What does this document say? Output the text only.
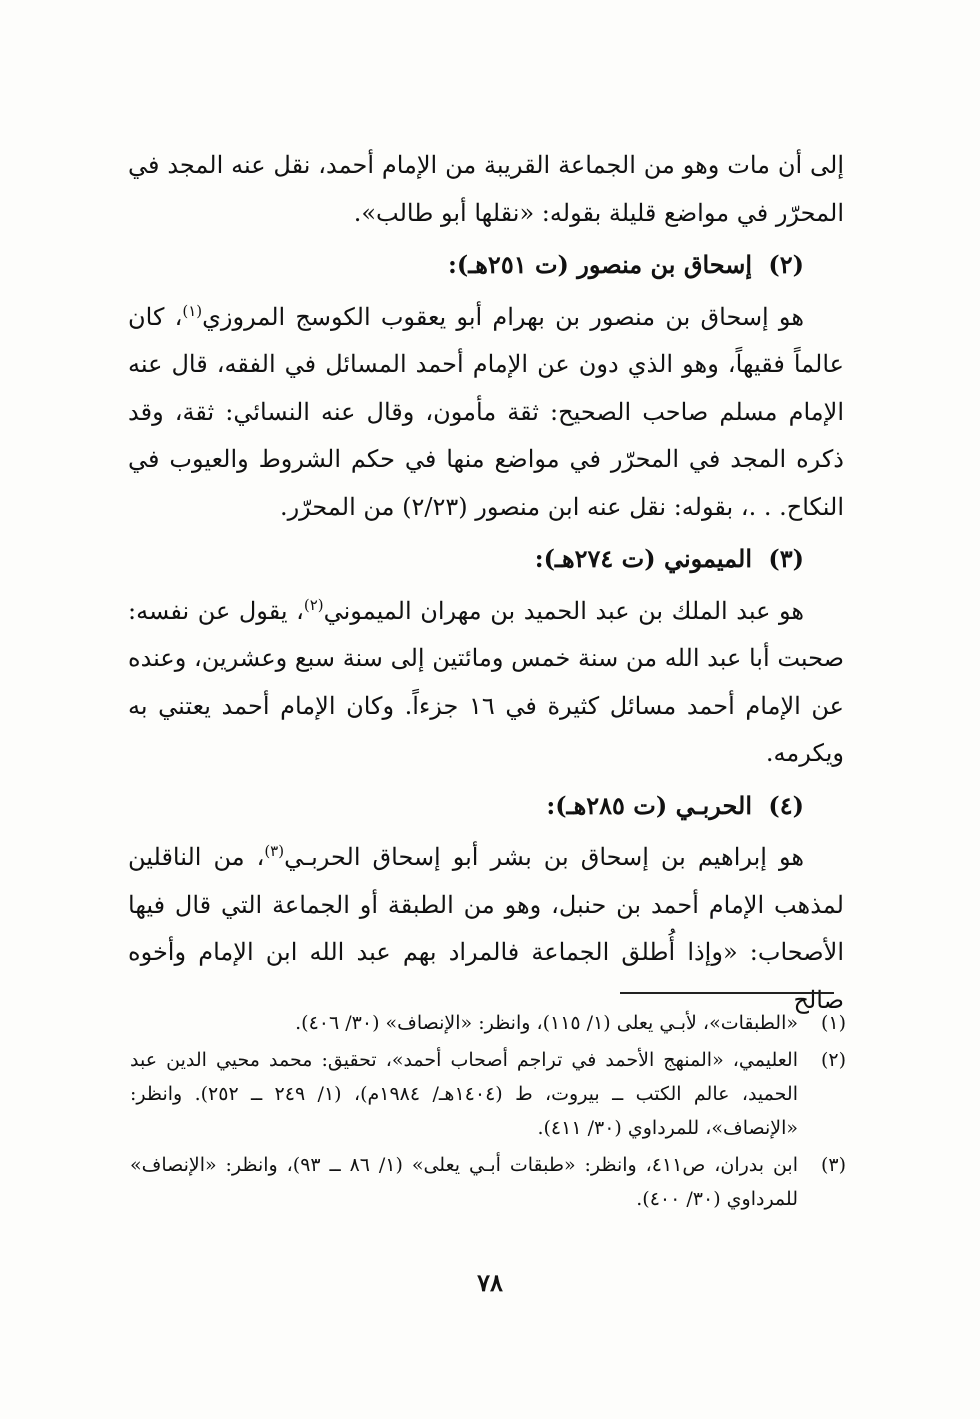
إلى أن مات وهو من الجماعة القريبة من الإمام أحمد، نقل عنه المجد في المحرّر في مواضع قليلة بقوله: «نقلها أبو طالب».

(٢) إسحاق بن منصور (ت ٢٥١هـ):

هو إسحاق بن منصور بن بهرام أبو يعقوب الكوسج المروزي$^{(١)}$، كان عالماً فقيهاً، وهو الذي دون عن الإمام أحمد المسائل في الفقه، قال عنه الإمام مسلم صاحب الصحيح: ثقة مأمون، وقال عنه النسائي: ثقة، وقد ذكره المجد في المحرّر في مواضع منها في حكم الشروط والعيوب في النكاح. . .، بقوله: نقل عنه ابن منصور (٢/٢٣) من المحرّر.

(٣) الميموني (ت ٢٧٤هـ):

هو عبد الملك بن عبد الحميد بن مهران الميموني$^{(٢)}$، يقول عن نفسه: صحبت أبا عبد الله من سنة خمس ومائتين إلى سنة سبع وعشرين، وعنده عن الإمام أحمد مسائل كثيرة في ١٦ جزءاً. وكان الإمام أحمد يعتني به ويكرمه.

(٤) الحربـي (ت ٢٨٥هـ):

هو إبراهيم بن إسحاق بن بشر أبو إسحاق الحربـي$^{(٣)}$، من الناقلين لمذهب الإمام أحمد بن حنبل، وهو من الطبقة أو الجماعة التي قال فيها الأصحاب: «وإذا أُطلق الجماعة فالمراد بهم عبد الله ابن الإمام وأخوه صالح

(١)
«الطبقات»، لأبـي يعلى (١/ ١١٥)، وانظر: «الإنصاف» (٣٠/ ٤٠٦).
(٢)
العليمي، «المنهج الأحمد في تراجم أصحاب أحمد»، تحقيق: محمد محيي الدين عبد الحميد، عالم الكتب ــ بيروت، ط (١٤٠٤هـ/ ١٩٨٤م)، (١/ ٢٤٩ ــ ٢٥٢). وانظر: «الإنصاف»، للمرداوي (٣٠/ ٤١١).
(٣)
ابن بدران، ص٤١١، وانظر: «طبقات أبـي يعلى» (١/ ٨٦ ــ ٩٣)، وانظر: «الإنصاف» للمرداوي (٣٠/ ٤٠٠).
٧٨
